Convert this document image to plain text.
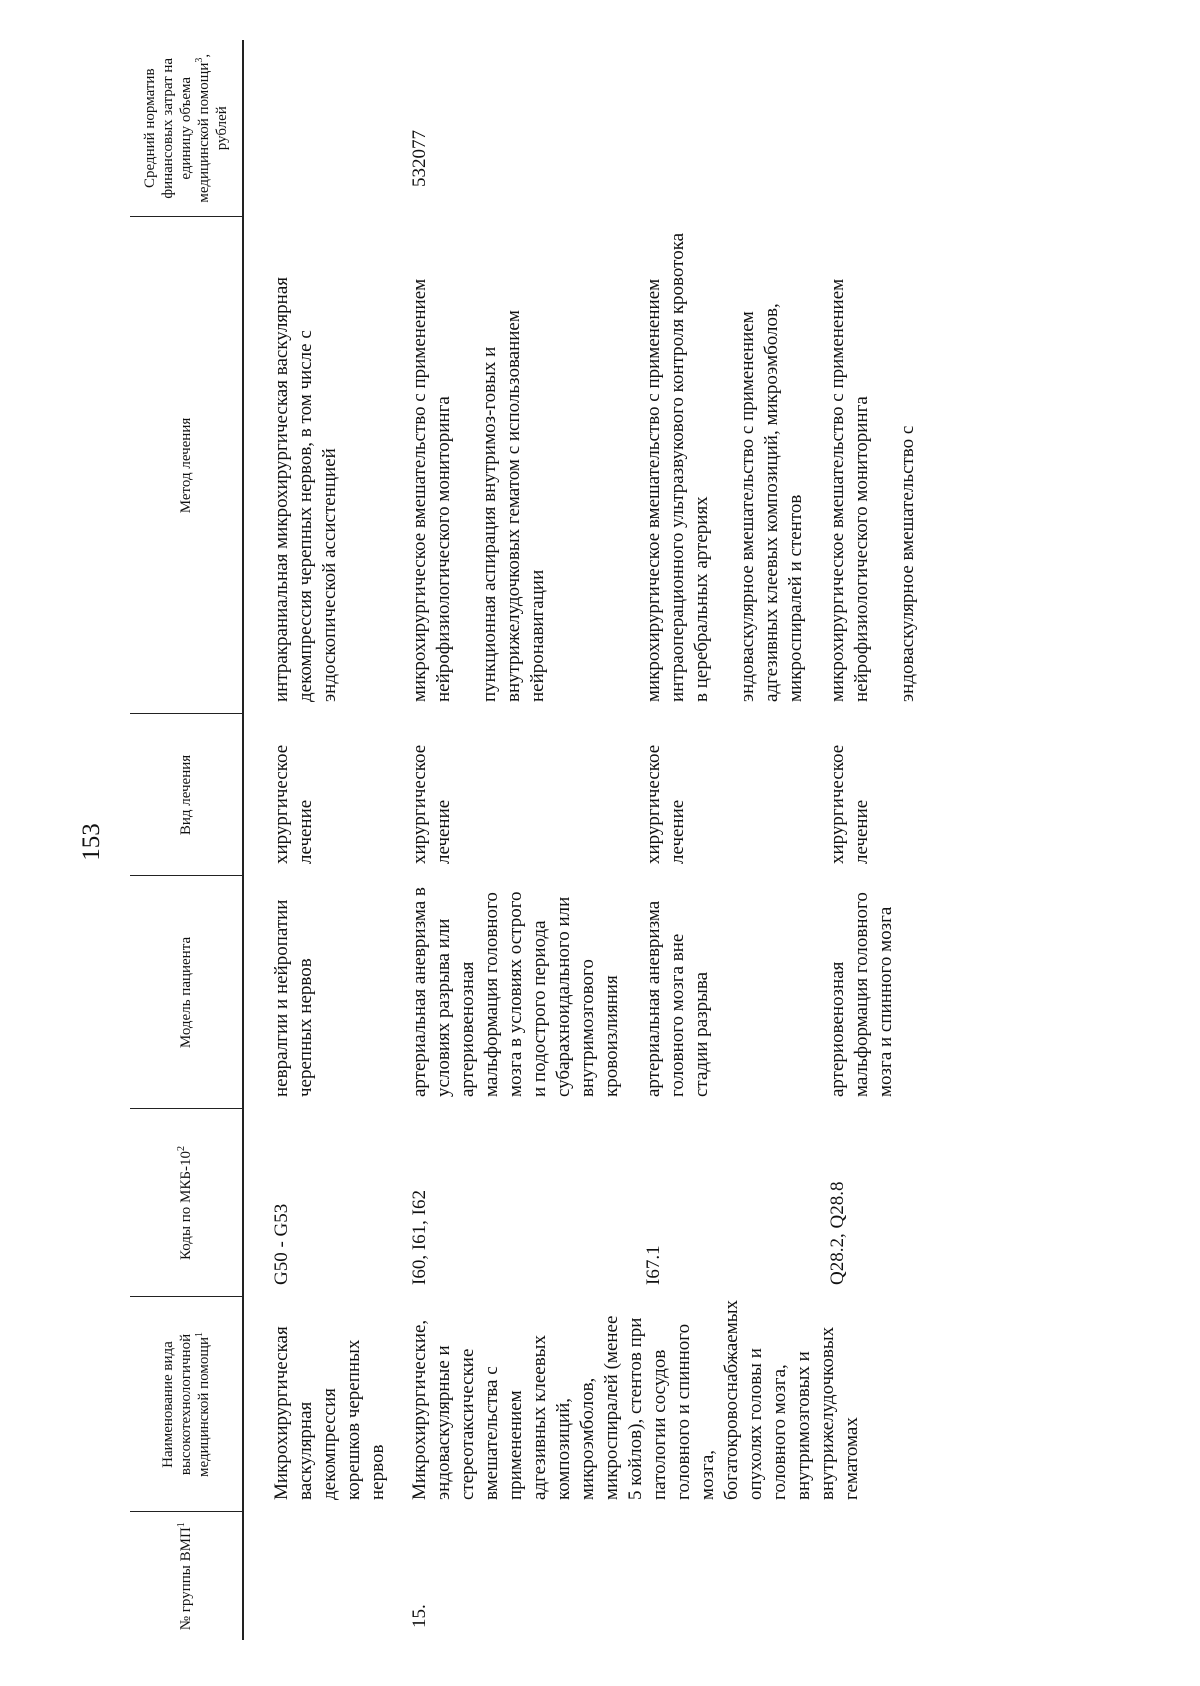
153
№ группы ВМП$^1$	Наименование вида высокотехнологичной медицинской помощи$^1$	Коды по МКБ-$10^2$	Модель пациента	Вид лечения	Метод лечения	Средний норматив финансовых затрат на единицу объема медицинской помощи$^3$, рублей
	Микрохирургическая васкулярная декомпрессия корешков черепных нервов	G50 - G53	невралгии и нейропатии черепных нервов	хирургическое лечение	интракраниальная микрохирургическая васкулярная декомпрессия черепных нервов, в том числе с эндоскопической ассистенцией	

15.	Микрохирургические, эндоваскулярные и стереотаксические вмешательства с применением адгезивных клеевых композиций, микроэмболов, микроспиралей (менее 5 койлов), стентов при патологии сосудов головного и спинного мозга, богатокровоснабжаемых опухолях головы и головного мозга, внутримозговых и внутрижелудочковых гематомах	I60, I61, I62	артериальная аневризма в условиях разрыва или артериовенозная мальформация головного мозга в условиях острого и подострого периода субарахноидального или внутримозгового кровоизлияния	хирургическое лечение	микрохирургическое вмешательство с применением нейрофизиологического мониторинга пункционная аспирация внутримоз-говых и внутрижелудочковых гематом с использованием нейронавигации	532077
		I67.1	артериальная аневризма головного мозга вне стадии разрыва	хирургическое лечение	микрохирургическое вмешательство с применением интраоперационного ультразвукового контроля кровотока в церебральных артериях эндоваскулярное вмешательство с применением адгезивных клеевых композиций, микроэмболов, микроспиралей и стентов	

		Q28.2, Q28.8	артериовенозная мальформация головного мозга и спинного мозга	хирургическое лечение	микрохирургическое вмешательство с применением нейрофизиологического мониторинга эндоваскулярное вмешательство с	
